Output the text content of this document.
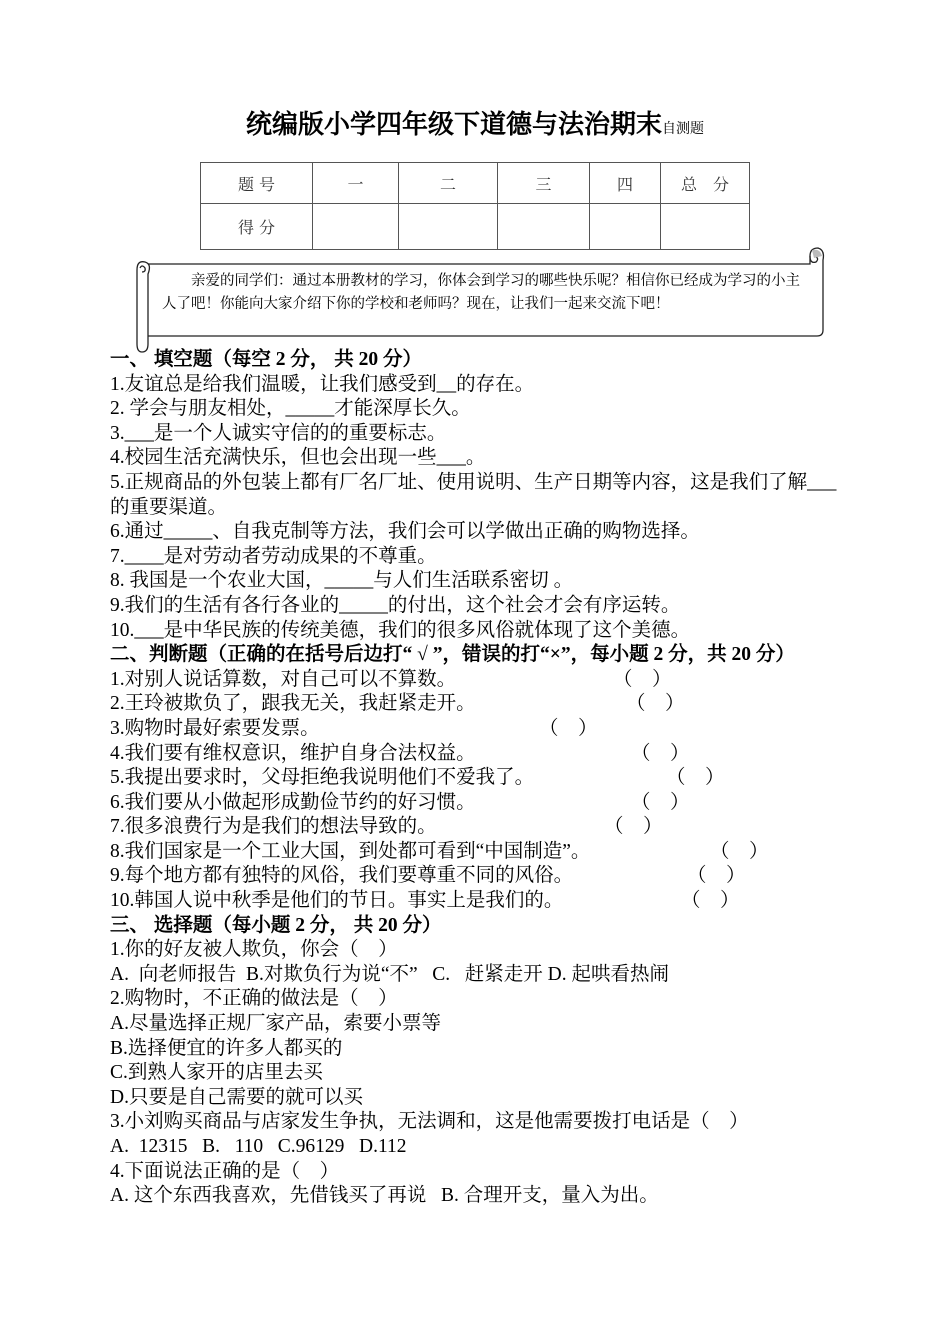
统编版小学四年级下道德与法治期末自测题
题 号	一	二	三	四	总　分
得 分					
亲爱的同学们：通过本册教材的学习，你体会到学习的哪些快乐呢？相信你已经成为学习的小主人了吧！你能向大家介绍下你的学校和老师吗？现在，让我们一起来交流下吧！
一、 填空题（每空 2 分， 共 20 分）
1.友谊总是给我们温暖，让我们感受到__的存在。
2. 学会与朋友相处，_____才能深厚长久。
3.___是一个人诚实守信的的重要标志。
4.校园生活充满快乐，但也会出现一些___。
5.正规商品的外包装上都有厂名厂址、使用说明、生产日期等内容，这是我们了解___的重要渠道。
6.通过_____、自我克制等方法，我们会可以学做出正确的购物选择。
7.____是对劳动者劳动成果的不尊重。
8. 我国是一个农业大国，_____与人们生活联系密切 。
9.我们的生活有各行各业的_____的付出，这个社会才会有序运转。
10.___是中华民族的传统美德，我们的很多风俗就体现了这个美德。
二、判断题（正确的在括号后边打“ √ ”，错误的打“×”，每小题 2 分，共 20 分）
1.对别人说话算数，对自己可以不算数。	（　）
2.王玲被欺负了，跟我无关，我赶紧走开。	（　）
3.购物时最好索要发票。	（　）
4.我们要有维权意识，维护自身合法权益。	（　）
5.我提出要求时，父母拒绝我说明他们不爱我了。	（　）
6.我们要从小做起形成勤俭节约的好习惯。	（　）
7.很多浪费行为是我们的想法导致的。	（　）
8.我们国家是一个工业大国，到处都可看到“中国制造”。	（　）
9.每个地方都有独特的风俗，我们要尊重不同的风俗。	（　）
10.韩国人说中秋季是他们的节日。事实上是我们的。	（　）
三、 选择题（每小题 2 分， 共 20 分）
1.你的好友被人欺负，你会（　）
A.  向老师报告  B.对欺负行为说“不”   C.   赶紧走开 D. 起哄看热闹
2.购物时，不正确的做法是（　）
A.尽量选择正规厂家产品，索要小票等
B.选择便宜的许多人都买的
C.到熟人家开的店里去买
D.只要是自己需要的就可以买
3.小刘购买商品与店家发生争执，无法调和，这是他需要拨打电话是（　）
A.  12315   B.   110   C.96129   D.112
4.下面说法正确的是（　）
A. 这个东西我喜欢，先借钱买了再说   B. 合理开支，量入为出。
